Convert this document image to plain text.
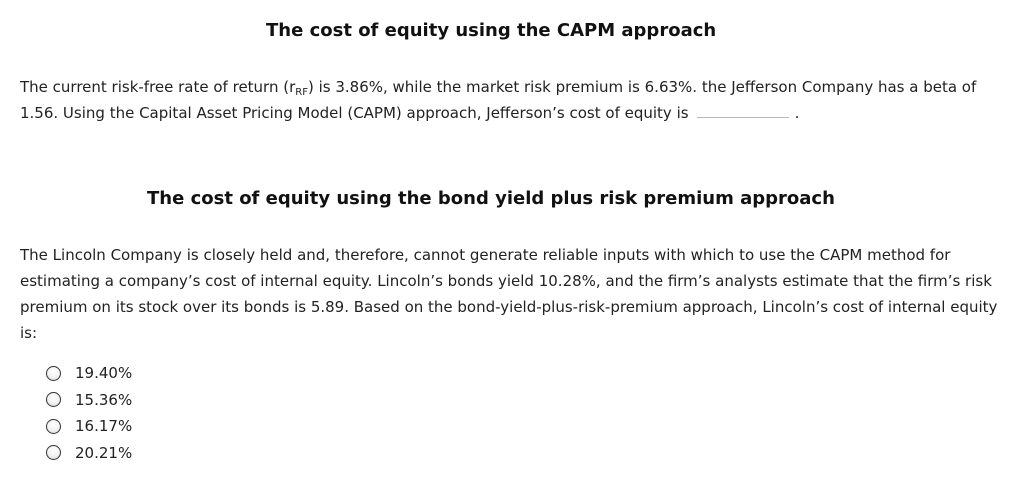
The cost of equity using the CAPM approach

The current risk-free rate of return $(r_{RF})$ is 3.86%, while the market risk premium is 6.63%. the Jefferson Company has a beta of 1.56. Using the Capital Asset Pricing Model (CAPM) approach, Jefferson’s cost of equity is	.

The cost of equity using the bond yield plus risk premium approach

The Lincoln Company is closely held and, therefore, cannot generate reliable inputs with which to use the CAPM method for estimating a company’s cost of internal equity. Lincoln’s bonds yield 10.28%, and the firm’s analysts estimate that the firm’s risk premium on its stock over its bonds is 5.89. Based on the bond-yield-plus-risk-premium approach, Lincoln’s cost of internal equity is:

19.40%
15.36%
16.17%
20.21%
